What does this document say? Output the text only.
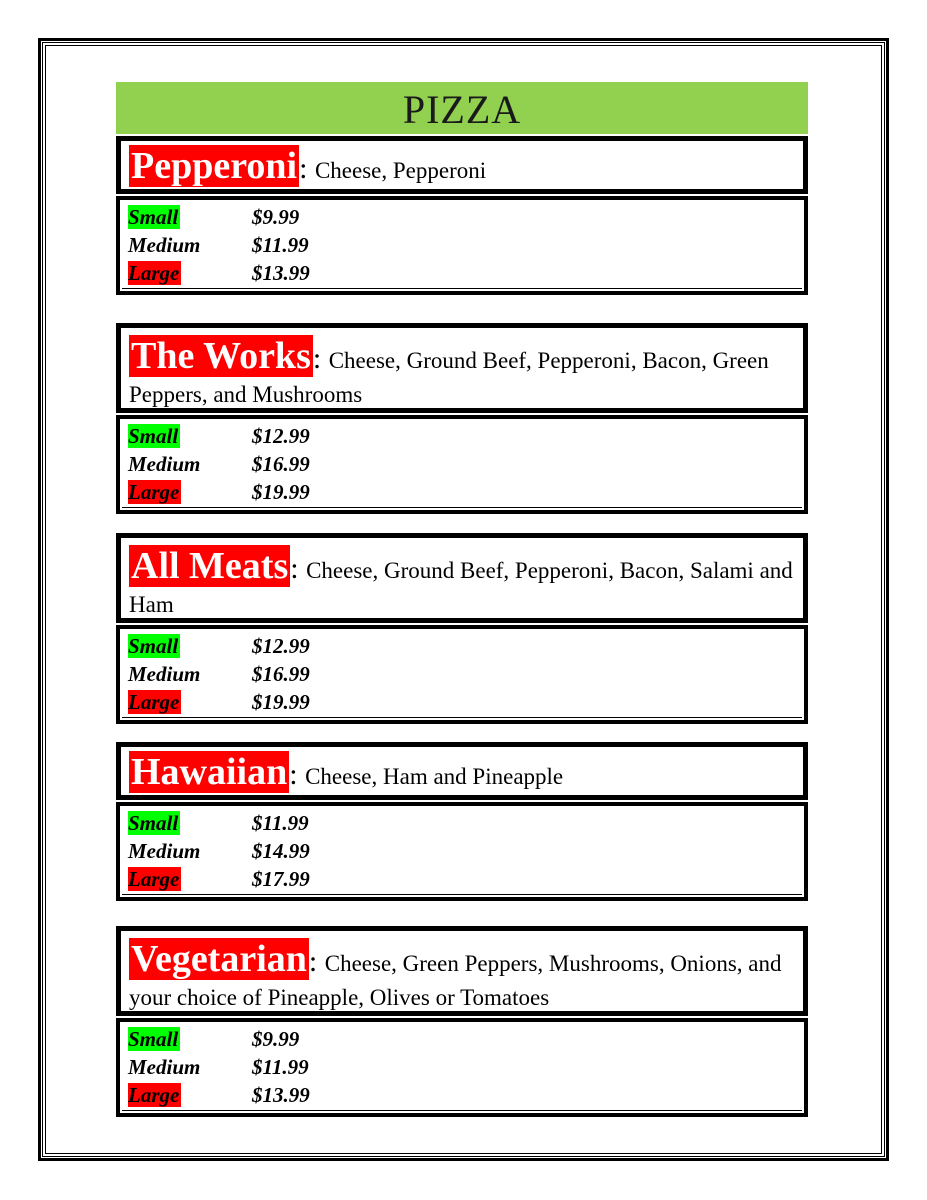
PIZZA
Pepperoni: Cheese, Pepperoni
Small	$9.99
Medium	$11.99
Large	$13.99
The Works: Cheese, Ground Beef, Pepperoni, Bacon, Green Peppers, and Mushrooms
Small	$12.99
Medium	$16.99
Large	$19.99
All Meats: Cheese, Ground Beef, Pepperoni, Bacon, Salami and Ham
Small	$12.99
Medium	$16.99
Large	$19.99
Hawaiian: Cheese, Ham and Pineapple
Small	$11.99
Medium	$14.99
Large	$17.99
Vegetarian: Cheese, Green Peppers, Mushrooms, Onions, and your choice of Pineapple, Olives or Tomatoes
Small	$9.99
Medium	$11.99
Large	$13.99
